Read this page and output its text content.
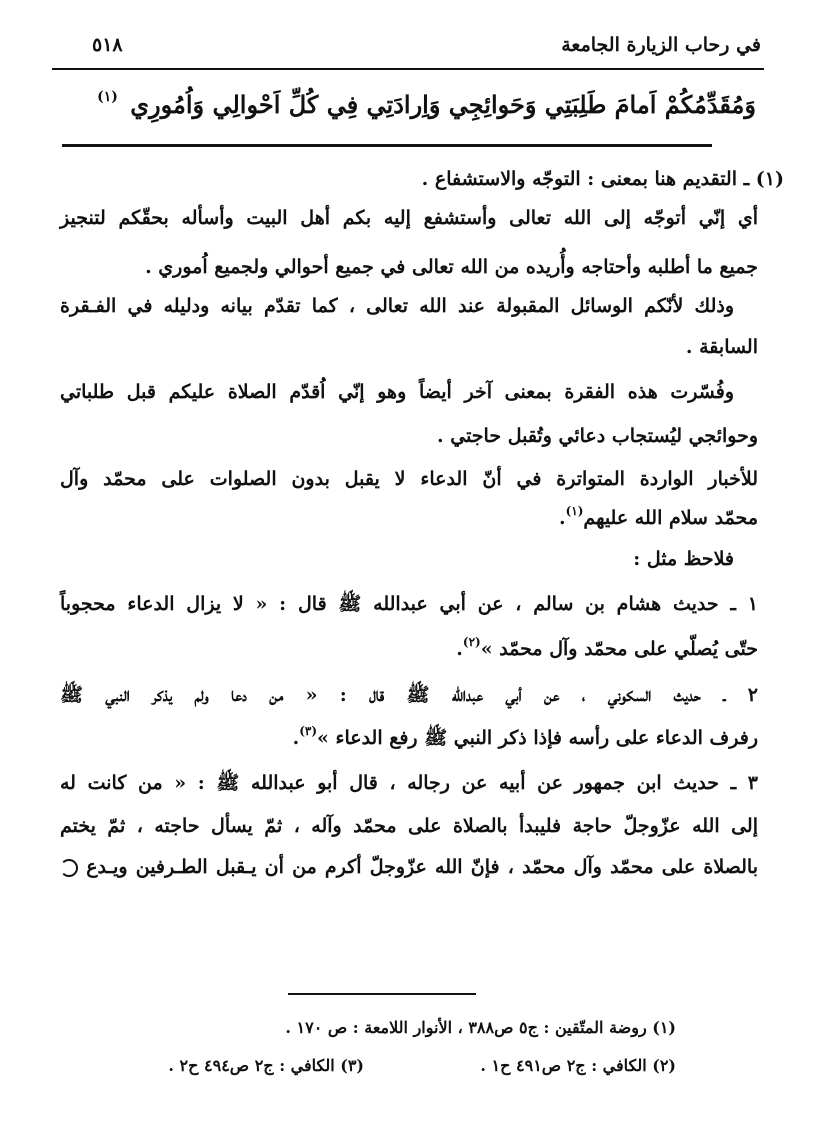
في رحاب الزيارة الجامعة
٥١٨
وَمُقَدِّمُكُمْ اَمامَ طَلِبَتِي وَحَوائِجِي وَاِرادَتِي فِي كُلِّ اَحْوالِي وَاُمُورِي $^{(١)}$
(١) ـ التقديم هنا بمعنى : التوجّه والاستشفاع .
أي إنّي أتوجّه إلى الله تعالى وأستشفع إليه بكم أهل البيت وأسأله بحقّكم لتنجيز
جميع ما أطلبه وأحتاجه وأُريده من الله تعالى في جميع أحوالي ولجميع اُموري .
وذلك لأنّكم الوسائل المقبولة عند الله تعالى ، كما تقدّم بيانه ودليله في الفـقرة
السابقة .
وفُسّرت هذه الفقرة بمعنى آخر أيضاً وهو إنّي اُقدّم الصلاة عليكم قبل طلباتي
وحوائجي ليُستجاب دعائي وتُقبل حاجتي .
للأخبار الواردة المتواترة في أنّ الدعاء لا يقبل بدون الصلوات على محمّد وآل
محمّد سلام الله عليهم$^{(١)}$.
فلاحظ مثل :
١ ـ حديث هشام بن سالم ، عن أبي عبدالله ﷺ قال : « لا يزال الدعاء محجوباً
حتّى يُصلّي على محمّد وآل محمّد »$^{(٢)}$.
٢ ـ حديث السكوني ، عن أبي عبدالله ﷺ قال : « من دعا ولم يذكر النبي ﷺ
رفرف الدعاء على رأسه فإذا ذكر النبي ﷺ رفع الدعاء »$^{(٣)}$.
٣ ـ حديث ابن جمهور عن أبيه عن رجاله ، قال أبو عبدالله ﷺ : « من كانت له
إلى الله عزّوجلّ حاجة فليبدأ بالصلاة على محمّد وآله ، ثمّ يسأل حاجته ، ثمّ يختم
بالصلاة على محمّد وآل محمّد ، فإنّ الله عزّوجلّ أكرم من أن يـقبل الطـرفين ويـدع
(١) روضة المتّقين : ج٥ ص٣٨٨ ، الأنوار اللامعة : ص ١٧٠ .
(٢) الكافي : ج٢ ص٤٩١ ح١ .
(٣) الكافي : ج٢ ص٤٩٤ ح٢ .
